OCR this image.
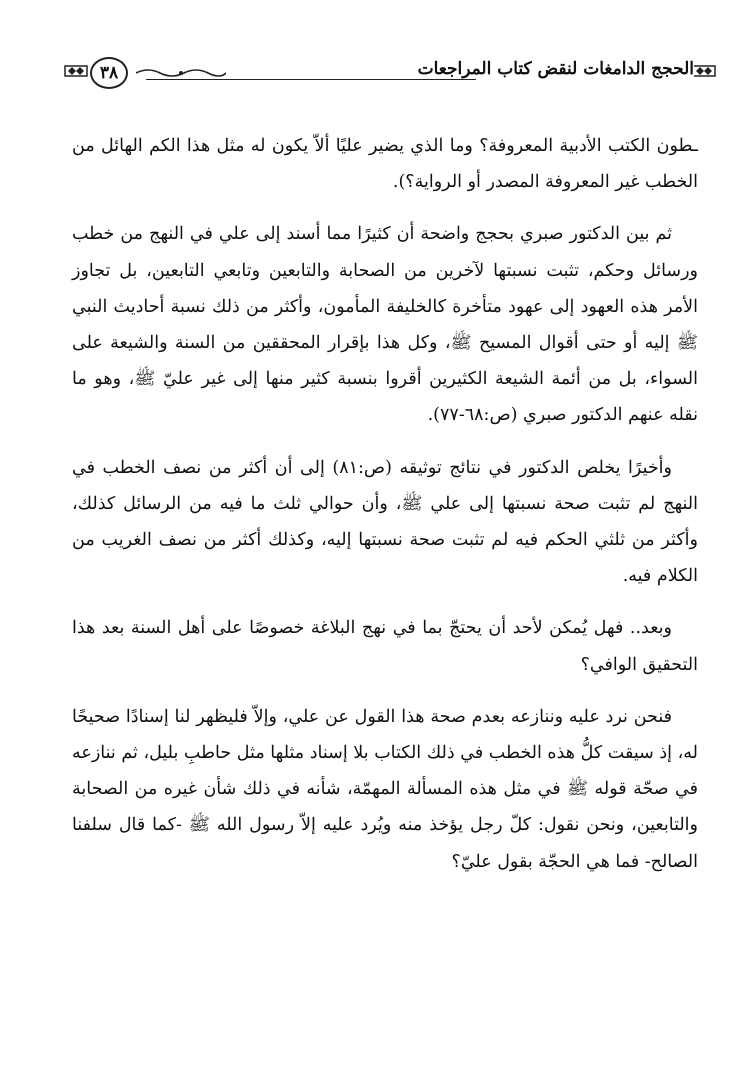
الحجج الدامغات لنقض كتاب المراجعات
٣٨

ـطون الكتب الأدبية المعروفة؟ وما الذي يضير عليًا ألاّ يكون له مثل هذا الكم الهائل من الخطب غير المعروفة المصدر أو الرواية؟).

ثم بين الدكتور صبري بحجج واضحة أن كثيرًا مما أسند إلى علي في النهج من خطب ورسائل وحكم، تثبت نسبتها لآخرين من الصحابة والتابعين وتابعي التابعين، بل تجاوز الأمر هذه العهود إلى عهود متأخرة كالخليفة المأمون، وأكثر من ذلك نسبة أحاديث النبي ﷺ إليه أو حتى أقوال المسيح ﷺ، وكل هذا بإقرار المحققين من السنة والشيعة على السواء، بل من أئمة الشيعة الكثيرين أقروا بنسبة كثير منها إلى غير عليّ ﷺ، وهو ما نقله عنهم الدكتور صبري (ص:٦٨-٧٧).

وأخيرًا يخلص الدكتور في نتائج توثيقه (ص:٨١) إلى أن أكثر من نصف الخطب في النهج لم تثبت صحة نسبتها إلى علي ﷺ، وأن حوالي ثلث ما فيه من الرسائل كذلك، وأكثر من ثلثي الحكم فيه لم تثبت صحة نسبتها إليه، وكذلك أكثر من نصف الغريب من الكلام فيه.

وبعد.. فهل يُمكن لأحد أن يحتجّ بما في نهج البلاغة خصوصًا على أهل السنة بعد هذا التحقيق الوافي؟

فنحن نرد عليه وننازعه بعدم صحة هذا القول عن علي، وإلاّ فليظهر لنا إسنادًا صحيحًا له، إذ سيقت كلُّ هذه الخطب في ذلك الكتاب بلا إسناد مثلها مثل حاطبِ بليل، ثم ننازعه في صحّة قوله ﷺ في مثل هذه المسألة المهمّة، شأنه في ذلك شأن غيره من الصحابة والتابعين، ونحن نقول: كلّ رجل يؤخذ منه ويُرد عليه إلاّ رسول الله ﷺ -كما قال سلفنا الصالح- فما هي الحجّة بقول عليّ؟
